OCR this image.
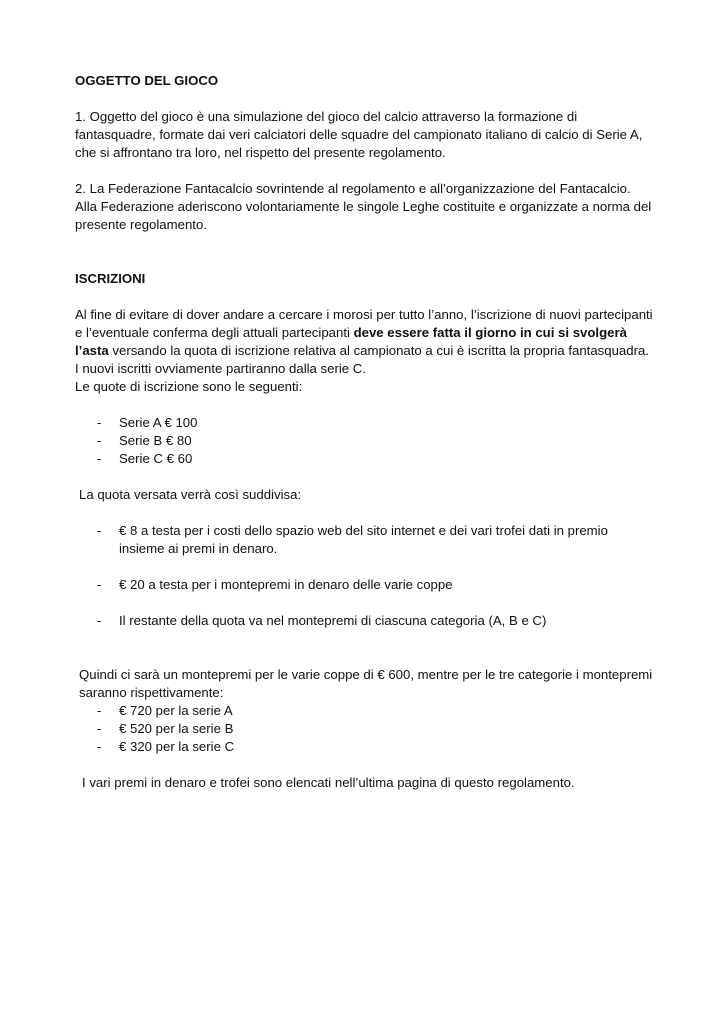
OGGETTO DEL GIOCO

1. Oggetto del gioco è una simulazione del gioco del calcio attraverso la formazione di fantasquadre, formate dai veri calciatori delle squadre del campionato italiano di calcio di Serie A, che si affrontano tra loro, nel rispetto del presente regolamento.

2. La Federazione Fantacalcio sovrintende al regolamento e all’organizzazione del Fantacalcio. Alla Federazione aderiscono volontariamente le singole Leghe costituite e organizzate a norma del presente regolamento.

ISCRIZIONI

Al fine di evitare di dover andare a cercare i morosi per tutto l’anno, l’iscrizione di nuovi partecipanti e l’eventuale conferma degli attuali partecipanti deve essere fatta il giorno in cui si svolgerà l’asta versando la quota di iscrizione relativa al campionato a cui è iscritta la propria fantasquadra. I nuovi iscritti ovviamente partiranno dalla serie C.

Le quote di iscrizione sono le seguenti:

- Serie A € 100
- Serie B € 80
- Serie C € 60

La quota versata verrà così suddivisa:

- € 8 a testa per i costi dello spazio web del sito internet e dei vari trofei dati in premio insieme ai premi in denaro.
- € 20 a testa per i montepremi in denaro delle varie coppe
- Il restante della quota va nel montepremi di ciascuna categoria (A, B e C)

Quindi ci sarà un montepremi per le varie coppe di € 600, mentre per le tre categorie i montepremi saranno rispettivamente:

- € 720 per la serie A
- € 520 per la serie B
- € 320 per la serie C

I vari premi in denaro e trofei sono elencati nell’ultima pagina di questo regolamento.
